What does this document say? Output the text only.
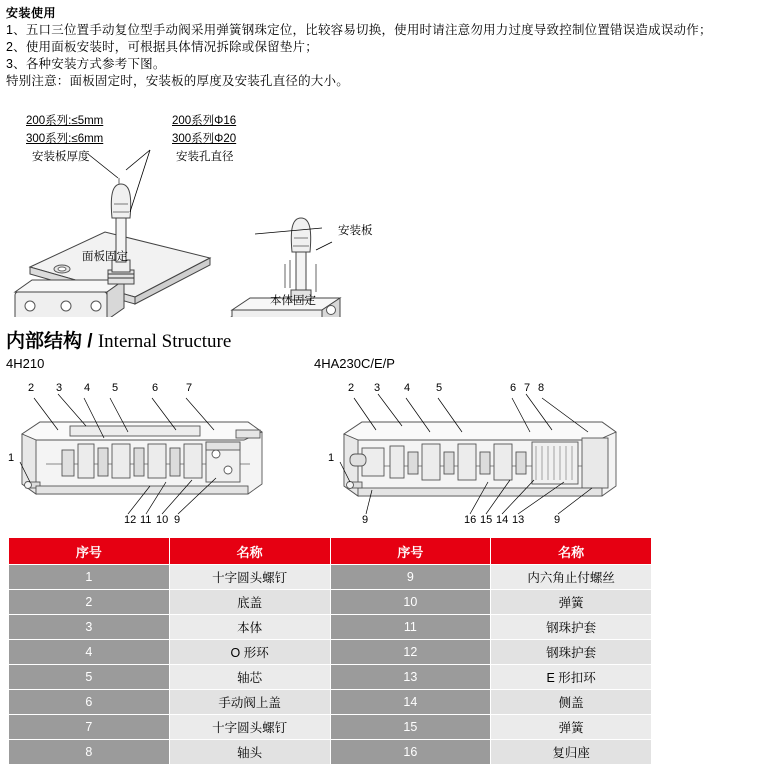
安装使用
1、五口三位置手动复位型手动阀采用弹簧钢珠定位，比较容易切换，使用时请注意勿用力过度导致控制位置错误造成误动作；
2、使用面板安装时，可根据具体情况拆除或保留垫片；
3、各种安装方式参考下图。
特别注意：面板固定时，安装板的厚度及安装孔直径的大小。
200系列:≤5mm
300系列:≤6mm
安装板厚度
200系列Φ16
300系列Φ20
安装孔直径
面板固定
安装板
本体固定
内部结构 / Internal Structure
4H210	4HA230C/E/P
2 3 4 5	6	7
1
12 11 10 9
2 3 4 5	6 7 8
1
9	16 15 14 13	9
序号	名称	序号	名称
1	十字圆头螺钉	9	内六角止付螺丝
2	底盖	10	弹簧
3	本体	11	钢珠护套
4	O 形环	12	钢珠护套
5	轴芯	13	E 形扣环
6	手动阀上盖	14	侧盖
7	十字圆头螺钉	15	弹簧
8	轴头	16	复归座
